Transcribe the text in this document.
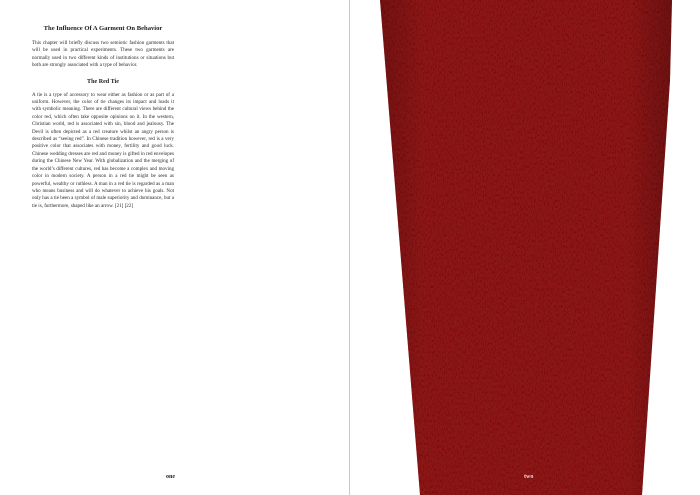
The Influence Of A Garment On Behavior

This chapter will briefly discuss two semiotic fashion garments that will be used in practical experiments. These two garments are normally used in two different kinds of institutions or situations but both are strongly associated with a type of behavior.

The Red Tie

A tie is a type of accessory to wear either as fashion or as part of a uniform. However, the color of tie changes its impact and loads it with symbolic meaning. There are different cultural views behind the color red, which often take opposite opinions on it. In the western, Christian world, red is associated with sin, blood and jealousy. The Devil is often depicted as a red creature whilst an angry person is described as “seeing red”. In Chinese tradition however, red is a very positive color that associates with money, fertility and good luck. Chinese wedding dresses are red and money is gifted in red envelopes during the Chinese New Year. With globalization and the merging of the world’s different cultures, red has become a complex and moving color in modern society. A person in a red tie might be seen as powerful, wealthy or ruthless. A man in a red tie is regarded as a man who means business and will do whatever to achieve his goals. Not only has a tie been a symbol of male superiority and dominance, but a tie is, furthermore, shaped like an arrow. [21] [22]

one	two
